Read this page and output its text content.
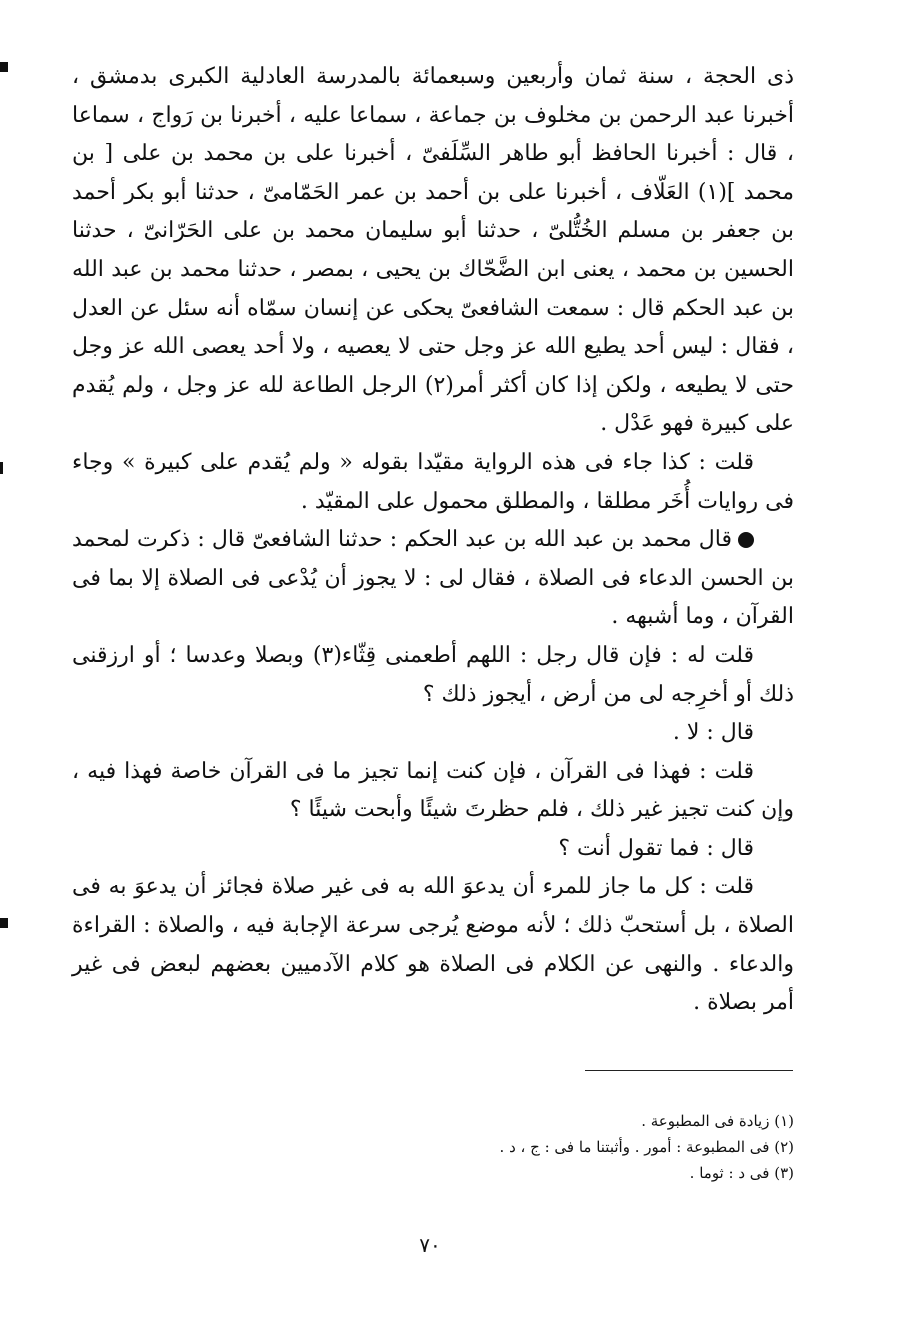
ذى الحجة ، سنة ثمان وأربعين وسبعمائة بالمدرسة العادلية الكبرى بدمشق ، أخبرنا عبد الرحمن بن مخلوف بن جماعة ، سماعا عليه ، أخبرنا بن رَواج ، سماعا ، قال : أخبرنا الحافظ أبو طاهر السِّلَفىّ ، أخبرنا على بن محمد بن على [ بن محمد ](١) العَلّاف ، أخبرنا على بن أحمد بن عمر الحَمّامىّ ، حدثنا أبو بكر أحمد بن جعفر بن مسلم الخُتُّلىّ ، حدثنا أبو سليمان محمد بن على الحَرّانىّ ، حدثنا الحسين بن محمد ، يعنى ابن الضَّحّاك بن يحيى ، بمصر ، حدثنا محمد بن عبد الله بن عبد الحكم قال : سمعت الشافعىّ يحكى عن إنسان سمّاه أنه سئل عن العدل ، فقال : ليس أحد يطيع الله عز وجل حتى لا يعصيه ، ولا أحد يعصى الله عز وجل حتى لا يطيعه ، ولكن إذا كان أكثر أمر(٢) الرجل الطاعة لله عز وجل ، ولم يُقدم على كبيرة فهو عَدْل .

قلت : كذا جاء فى هذه الرواية مقيّدا بقوله « ولم يُقدم على كبيرة » وجاء فى روايات أُخَر مطلقا ، والمطلق محمول على المقيّد .

قال محمد بن عبد الله بن عبد الحكم : حدثنا الشافعىّ قال : ذكرت لمحمد بن الحسن الدعاء فى الصلاة ، فقال لى : لا يجوز أن يُدْعى فى الصلاة إلا بما فى القرآن ، وما أشبهه .

قلت له : فإن قال رجل : اللهم أطعمنى قِثّاء(٣) وبصلا وعدسا ؛ أو ارزقنى ذلك أو أخرِجه لى من أرض ، أيجوز ذلك ؟

قال : لا .

قلت : فهذا فى القرآن ، فإن كنت إنما تجيز ما فى القرآن خاصة فهذا فيه ، وإن كنت تجيز غير ذلك ، فلم حظرتَ شيئًا وأبحت شيئًا ؟

قال : فما تقول أنت ؟

قلت : كل ما جاز للمرء أن يدعوَ الله به فى غير صلاة فجائز أن يدعوَ به فى الصلاة ، بل أستحبّ ذلك ؛ لأنه موضع يُرجى سرعة الإجابة فيه ، والصلاة : القراءة والدعاء . والنهى عن الكلام فى الصلاة هو كلام الآدميين بعضهم لبعض فى غير أمر بصلاة .

(١) زيادة فى المطبوعة .
(٢) فى المطبوعة : أمور . وأثبتنا ما فى : ج ، د .
(٣) فى د : ثوما .
٧٠
